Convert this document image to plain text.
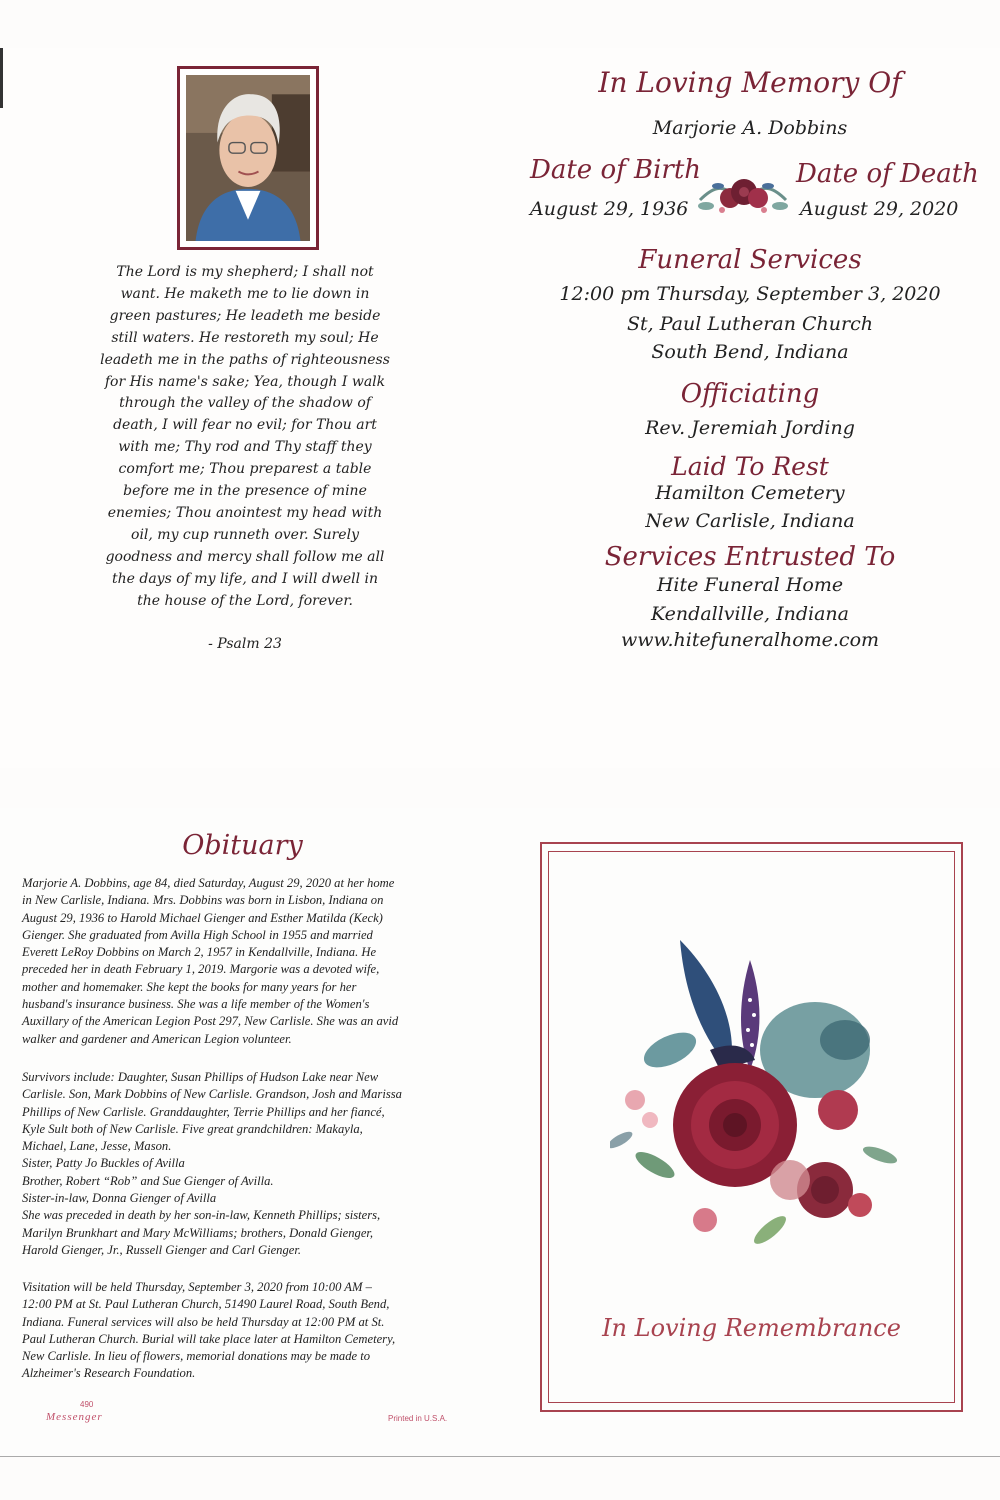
The Lord is my shepherd; I shall not
want. He maketh me to lie down in
green pastures; He leadeth me beside
still waters. He restoreth my soul; He
leadeth me in the paths of righteousness
for His name's sake; Yea, though I walk
through the valley of the shadow of
death, I will fear no evil; for Thou art
with me; Thy rod and Thy staff they
comfort me; Thou preparest a table
before me in the presence of mine
enemies; Thou anointest my head with
oil, my cup runneth over. Surely
goodness and mercy shall follow me all
the days of my life, and I will dwell in
the house of the Lord, forever.
- Psalm 23
In Loving Memory Of
Marjorie A. Dobbins
Date of Birth
August 29, 1936
Date of Death
August 29, 2020
Funeral Services
12:00 pm Thursday, September 3, 2020
St, Paul Lutheran Church
South Bend, Indiana
Officiating
Rev. Jeremiah Jording
Laid To Rest
Hamilton Cemetery
New Carlisle, Indiana
Services Entrusted To
Hite Funeral Home
Kendallville, Indiana
www.hitefuneralhome.com
Obituary
Marjorie A. Dobbins, age 84, died Saturday, August 29, 2020 at her home
in New Carlisle, Indiana. Mrs. Dobbins was born in Lisbon, Indiana on
August 29, 1936 to Harold Michael Gienger and Esther Matilda (Keck)
Gienger. She graduated from Avilla High School in 1955 and married
Everett LeRoy Dobbins on March 2, 1957 in Kendallville, Indiana. He
preceded her in death February 1, 2019. Margorie was a devoted wife,
mother and homemaker. She kept the books for many years for her
husband's insurance business. She was a life member of the Women's
Auxillary of the American Legion Post 297, New Carlisle. She was an avid
walker and gardener and American Legion volunteer.
Survivors include: Daughter, Susan Phillips of Hudson Lake near New
Carlisle. Son, Mark Dobbins of New Carlisle. Grandson, Josh and Marissa
Phillips of New Carlisle. Granddaughter, Terrie Phillips and her fiancé,
Kyle Sult both of New Carlisle. Five great grandchildren: Makayla,
Michael, Lane, Jesse, Mason.
Sister, Patty Jo Buckles of Avilla
Brother, Robert “Rob” and Sue Gienger of Avilla.
Sister-in-law, Donna Gienger of Avilla
She was preceded in death by her son-in-law, Kenneth Phillips; sisters,
Marilyn Brunkhart and Mary McWilliams; brothers, Donald Gienger,
Harold Gienger, Jr., Russell Gienger and Carl Gienger.
Visitation will be held Thursday, September 3, 2020 from 10:00 AM –
12:00 PM at St. Paul Lutheran Church, 51490 Laurel Road, South Bend,
Indiana. Funeral services will also be held Thursday at 12:00 PM at St.
Paul Lutheran Church. Burial will take place later at Hamilton Cemetery,
New Carlisle. In lieu of flowers, memorial donations may be made to
Alzheimer's Research Foundation.
490
Messenger	Printed in U.S.A.
In Loving Remembrance
